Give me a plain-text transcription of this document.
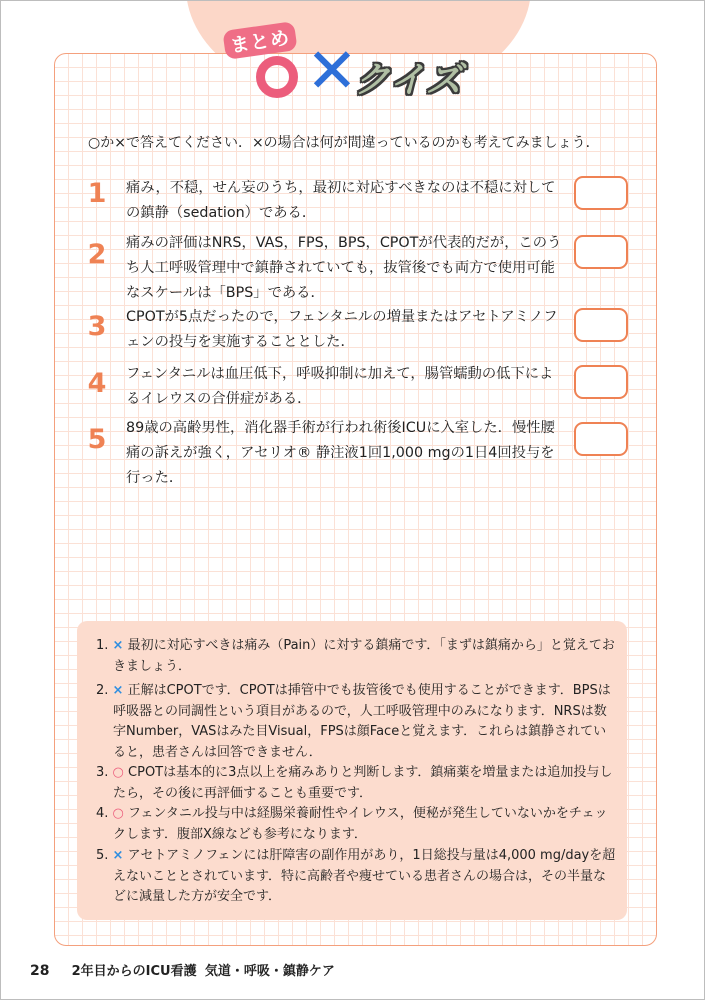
まとめ ✕
クイズ
○か×で答えてください．×の場合は何が間違っているのかも考えてみましょう．
1	痛み，不穏，せん妄のうち，最初に対応すべきなのは不穏に対しての鎮静（sedation）である．
2	痛みの評価はNRS，VAS，FPS，BPS，CPOTが代表的だが，このうち人工呼吸管理中で鎮静されていても，抜管後でも両方で使用可能なスケールは「BPS」である．
3	CPOTが5点だったので，フェンタニルの増量またはアセトアミノフェンの投与を実施することとした．
4	フェンタニルは血圧低下，呼吸抑制に加えて，腸管蠕動の低下によるイレウスの合併症がある．
5	89歳の高齢男性，消化器手術が行われ術後ICUに入室した．慢性腰痛の訴えが強く，アセリオ® 静注液1回1,000 mgの1日4回投与を行った．
1. × 最初に対応すべきは痛み（Pain）に対する鎮痛です．「まずは鎮痛から」と覚えておきましょう．
2. × 正解はCPOTです．CPOTは挿管中でも抜管後でも使用することができます．BPSは呼吸器との同調性という項目があるので，人工呼吸管理中のみになります．NRSは数字Number，VASはみた目Visual，FPSは顔Faceと覚えます．これらは鎮静されていると，患者さんは回答できません．
3. ○ CPOTは基本的に3点以上を痛みありと判断します．鎮痛薬を増量または追加投与したら，その後に再評価することも重要です．
4. ○ フェンタニル投与中は経腸栄養耐性やイレウス，便秘が発生していないかをチェックします．腹部X線なども参考になります．
5. × アセトアミノフェンには肝障害の副作用があり，1日総投与量は4,000 mg/dayを超えないこととされています．特に高齢者や痩せている患者さんの場合は，その半量などに減量した方が安全です．
28 2年目からのICU看護 気道・呼吸・鎮静ケア
